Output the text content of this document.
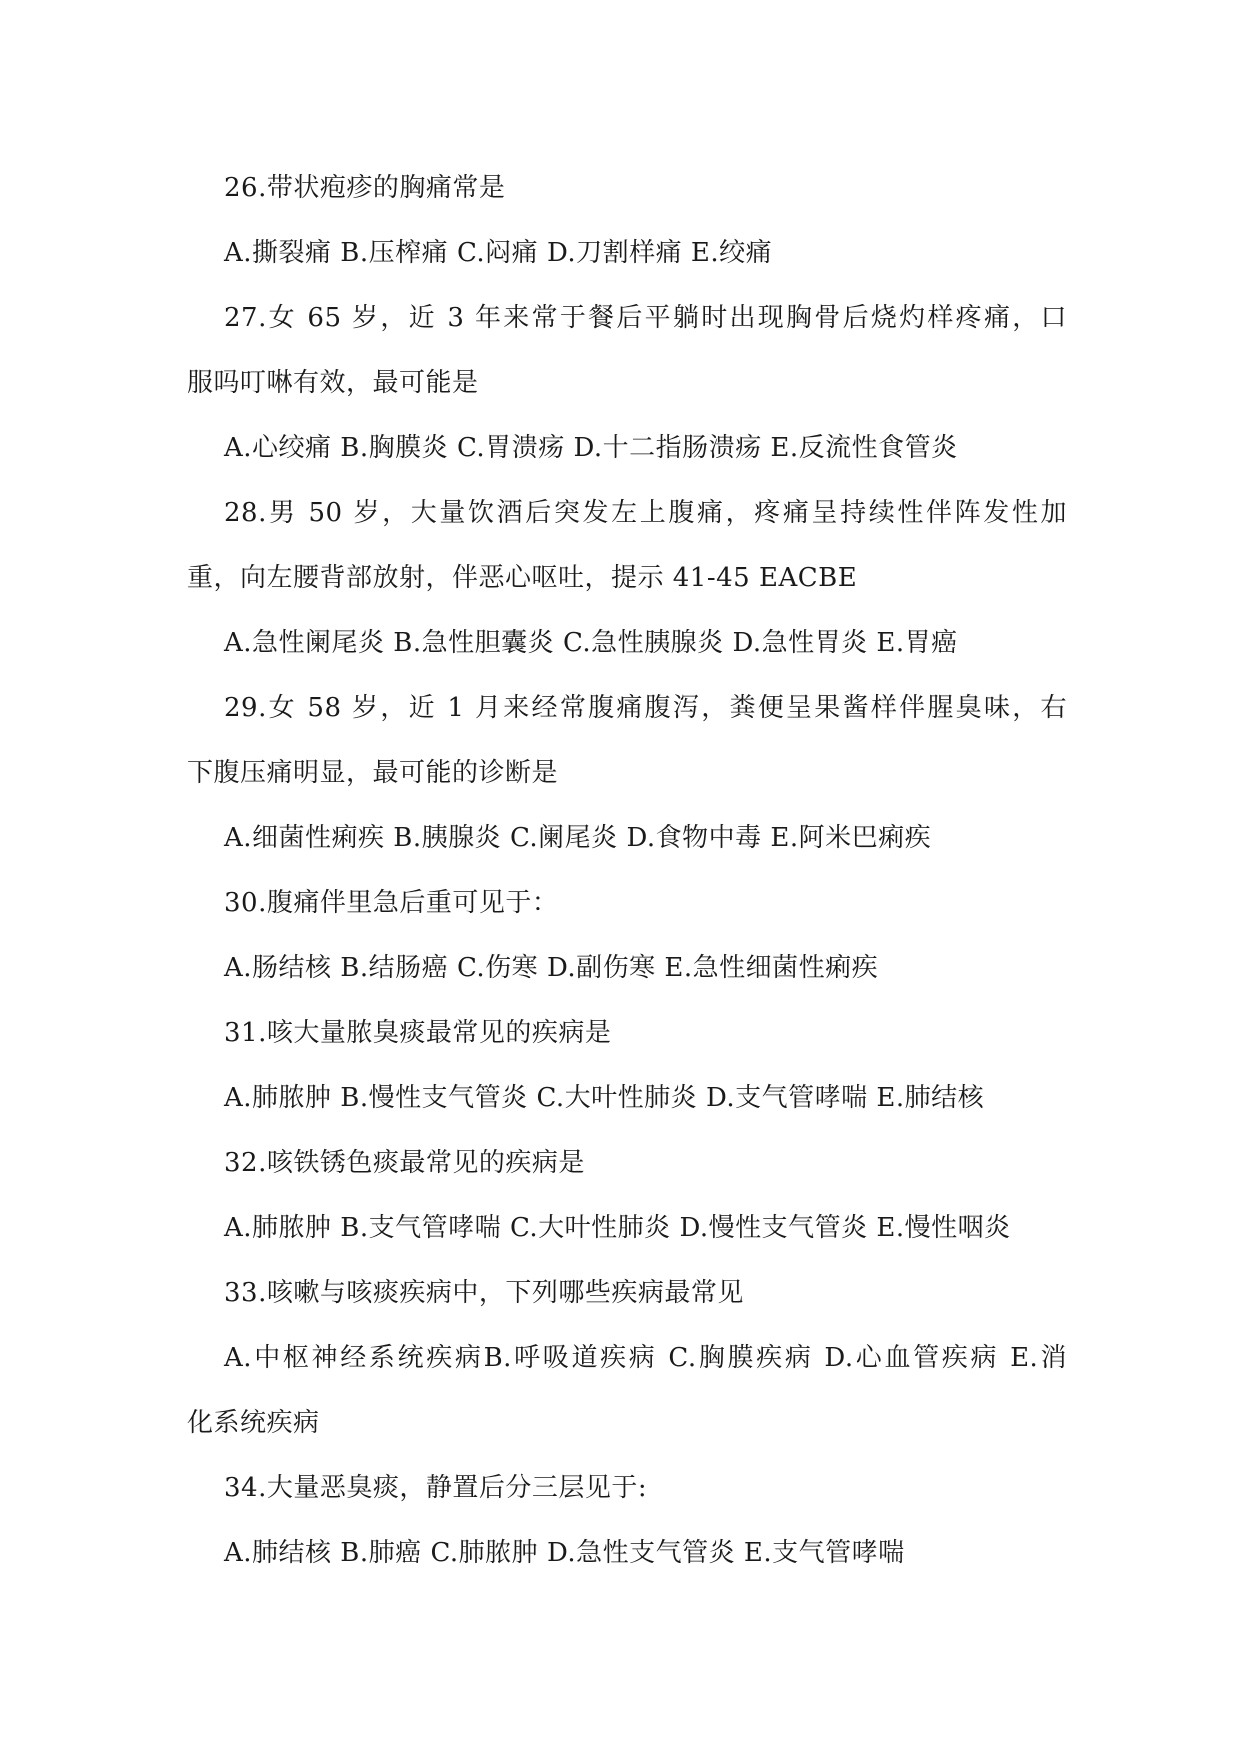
26.带状疱疹的胸痛常是
A.撕裂痛 B.压榨痛 C.闷痛 D.刀割样痛 E.绞痛
27.女 65 岁，近 3 年来常于餐后平躺时出现胸骨后烧灼样疼痛，口
服吗叮啉有效，最可能是
A.心绞痛 B.胸膜炎 C.胃溃疡 D.十二指肠溃疡 E.反流性食管炎
28.男 50 岁，大量饮酒后突发左上腹痛，疼痛呈持续性伴阵发性加
重，向左腰背部放射，伴恶心呕吐，提示 41-45 EACBE
A.急性阑尾炎 B.急性胆囊炎 C.急性胰腺炎 D.急性胃炎 E.胃癌
29.女 58 岁，近 1 月来经常腹痛腹泻，粪便呈果酱样伴腥臭味，右
下腹压痛明显，最可能的诊断是
A.细菌性痢疾 B.胰腺炎 C.阑尾炎 D.食物中毒 E.阿米巴痢疾
30.腹痛伴里急后重可见于：
A.肠结核 B.结肠癌 C.伤寒 D.副伤寒 E.急性细菌性痢疾
31.咳大量脓臭痰最常见的疾病是
A.肺脓肿 B.慢性支气管炎 C.大叶性肺炎 D.支气管哮喘 E.肺结核
32.咳铁锈色痰最常见的疾病是
A.肺脓肿 B.支气管哮喘 C.大叶性肺炎 D.慢性支气管炎 E.慢性咽炎
33.咳嗽与咳痰疾病中，下列哪些疾病最常见
A.中枢神经系统疾病B.呼吸道疾病 C.胸膜疾病 D.心血管疾病 E.消
化系统疾病
34.大量恶臭痰，静置后分三层见于:
A.肺结核 B.肺癌 C.肺脓肿 D.急性支气管炎 E.支气管哮喘
